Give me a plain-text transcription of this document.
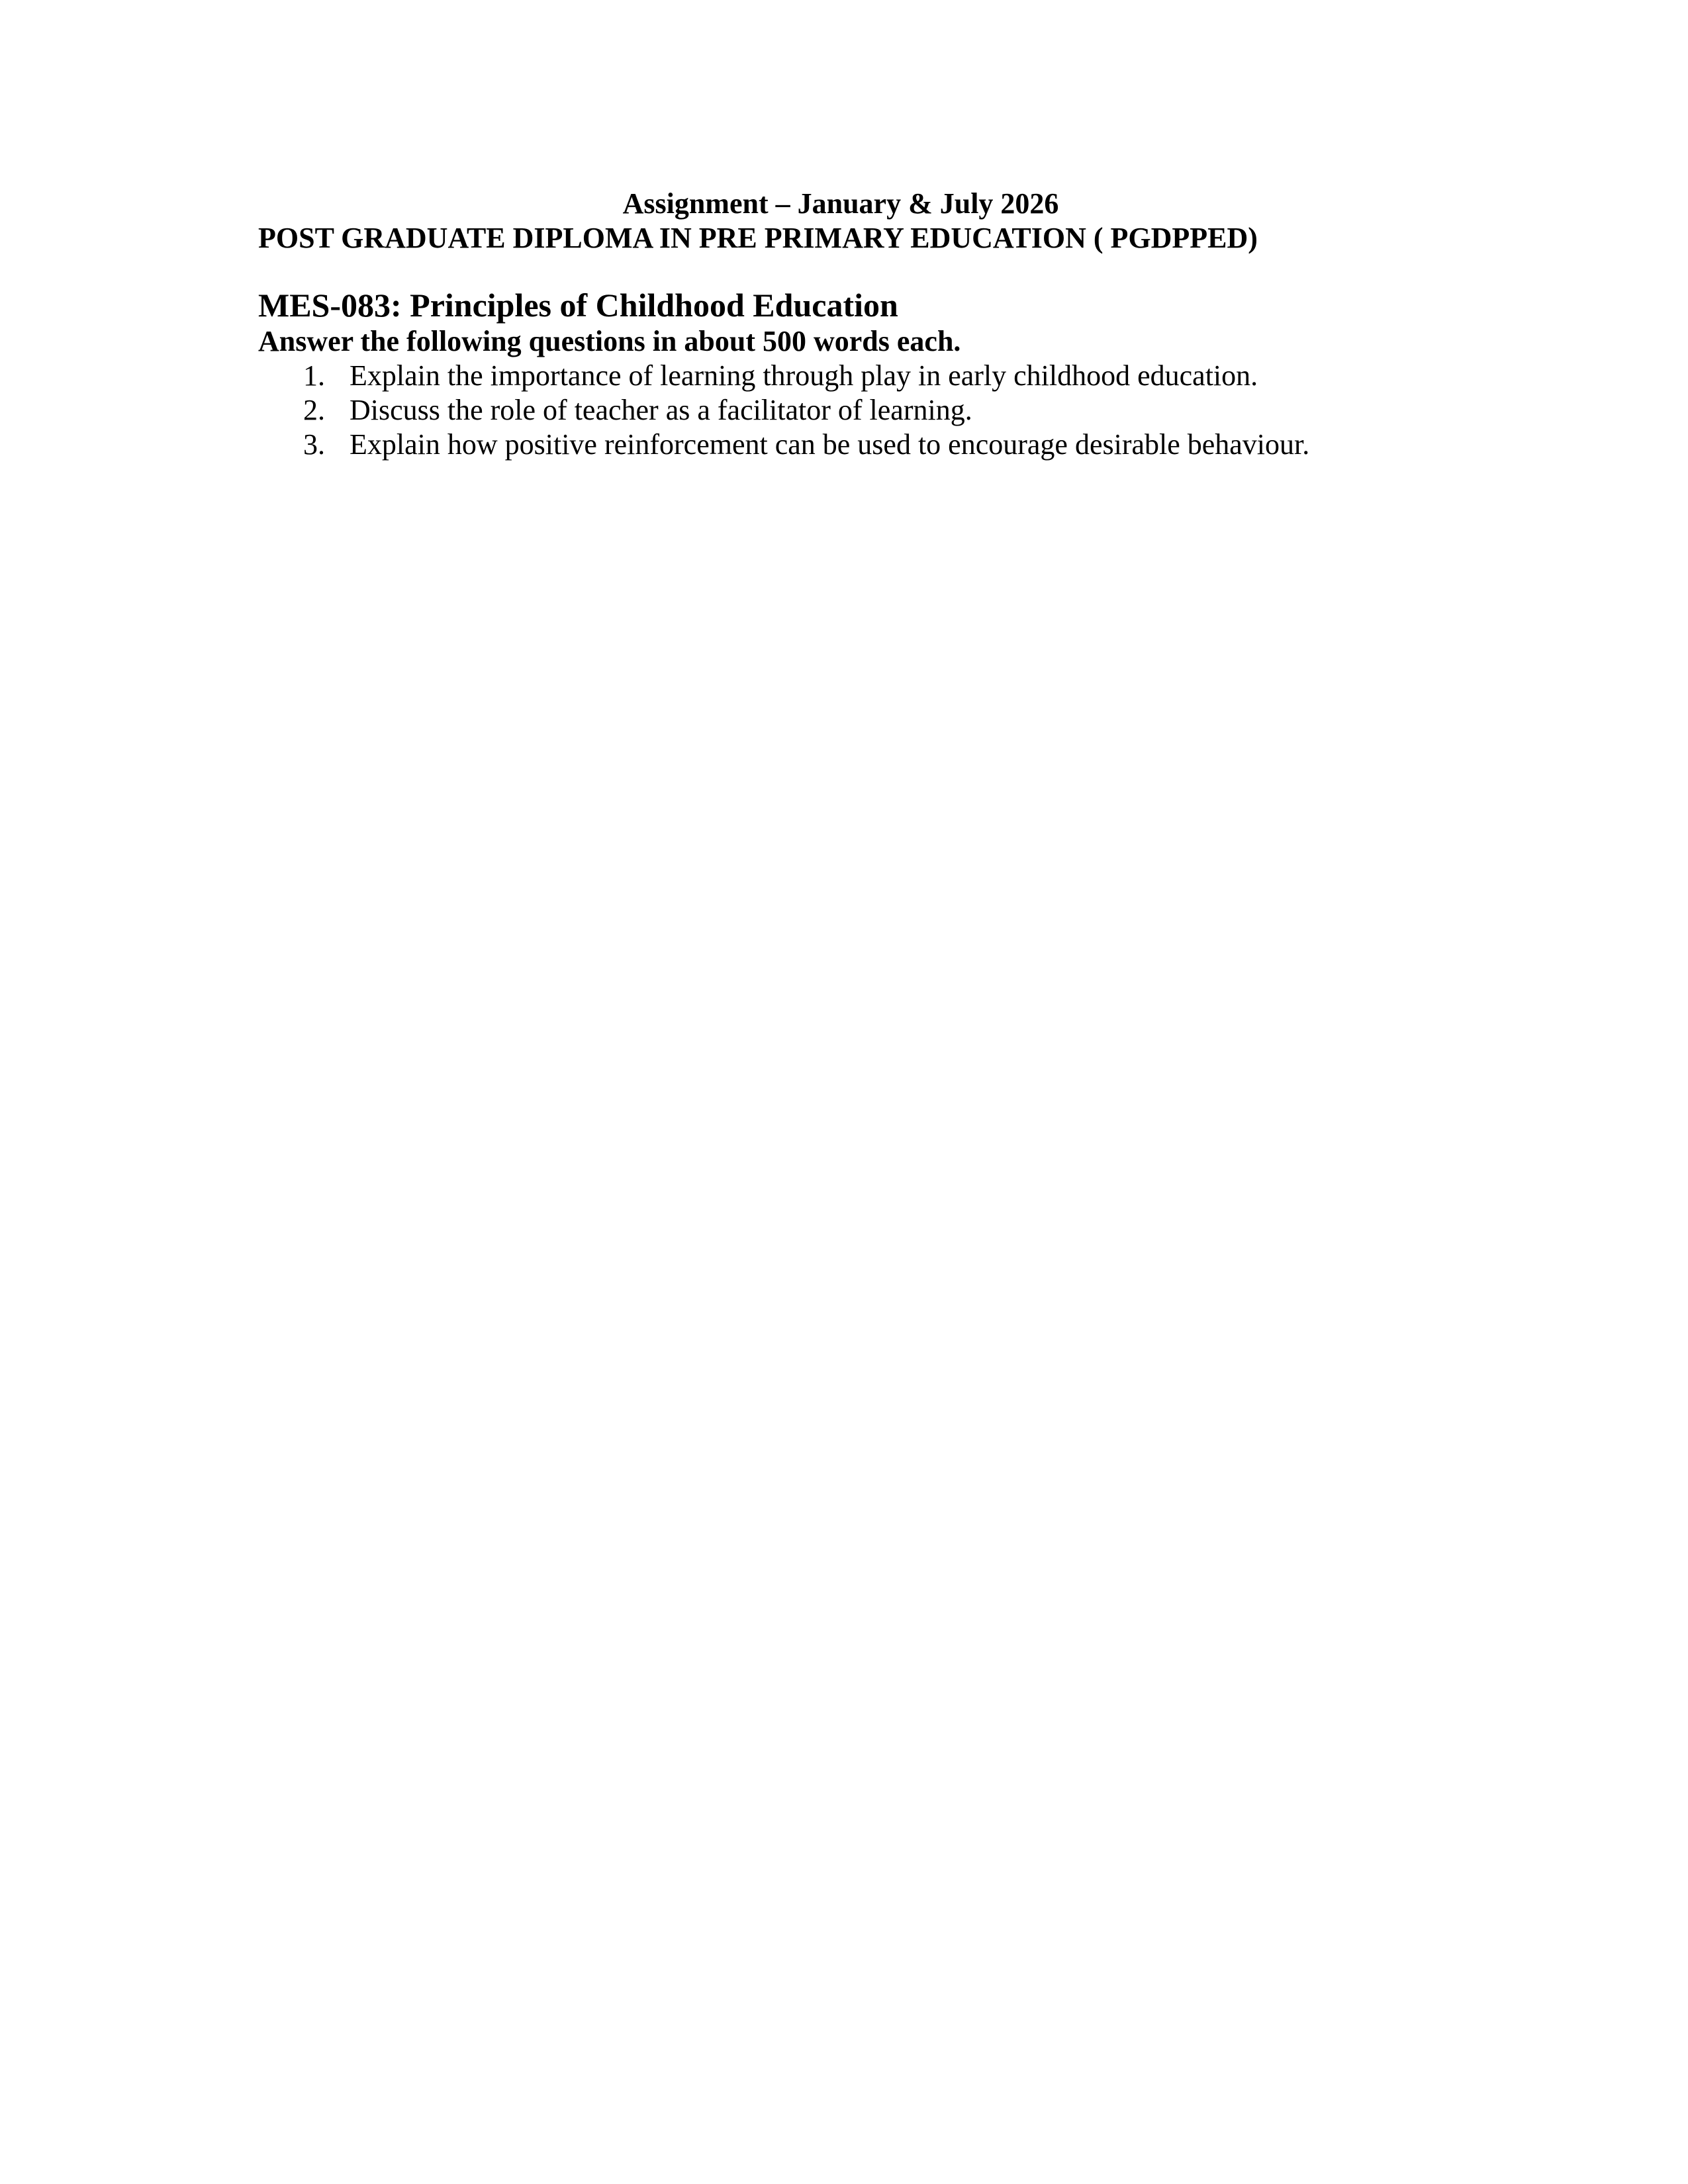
Assignment – January & July 2026
POST GRADUATE DIPLOMA IN PRE PRIMARY EDUCATION ( PGDPPED)
MES-083: Principles of Childhood Education
Answer the following questions in about 500 words each.
1. Explain the importance of learning through play in early childhood education.
2. Discuss the role of teacher as a facilitator of learning.
3. Explain how positive reinforcement can be used to encourage desirable behaviour.
